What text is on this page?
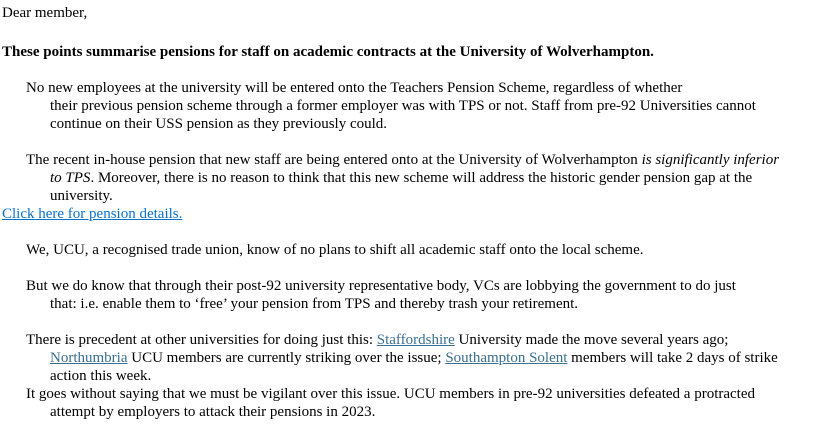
Dear member,
These points summarise pensions for staff on academic contracts at the University of Wolverhampton.
No new employees at the university will be entered onto the Teachers Pension Scheme, regardless of whether
their previous pension scheme through a former employer was with TPS or not. Staff from pre-92 Universities cannot
continue on their USS pension as they previously could.
The recent in-house pension that new staff are being entered onto at the University of Wolverhampton is significantly inferior
to TPS. Moreover, there is no reason to think that this new scheme will address the historic gender pension gap at the
university.
Click here for pension details.
We, UCU, a recognised trade union, know of no plans to shift all academic staff onto the local scheme.
But we do know that through their post-92 university representative body, VCs are lobbying the government to do just
that: i.e. enable them to ‘free’ your pension from TPS and thereby trash your retirement.
There is precedent at other universities for doing just this: Staffordshire University made the move several years ago;
Northumbria UCU members are currently striking over the issue; Southampton Solent members will take 2 days of strike
action this week.
It goes without saying that we must be vigilant over this issue. UCU members in pre-92 universities defeated a protracted
attempt by employers to attack their pensions in 2023.
